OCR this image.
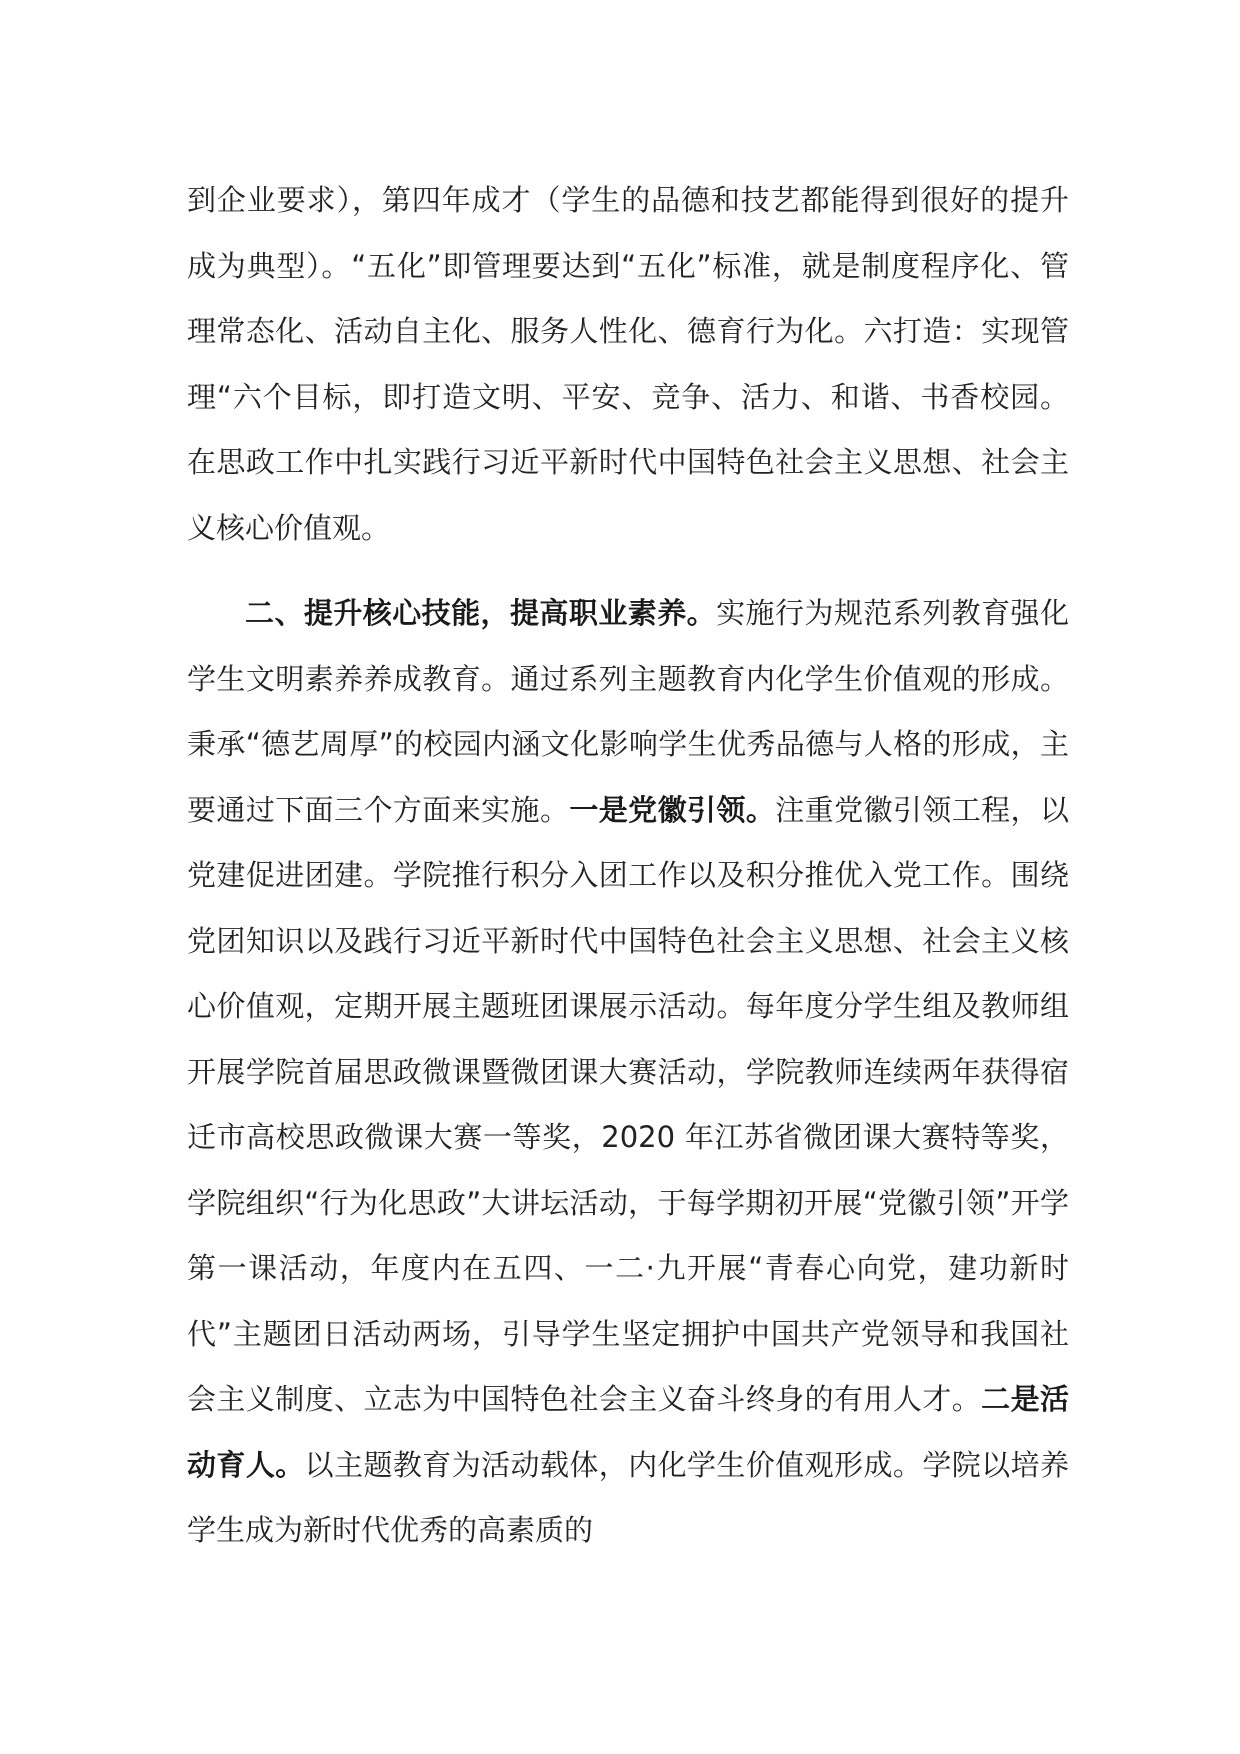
到企业要求），第四年成才（学生的品德和技艺都能得到很好的提升成为典型）。“五化”即管理要达到“五化”标准，就是制度程序化、管理常态化、活动自主化、服务人性化、德育行为化。六打造：实现管理“六个目标，即打造文明、平安、竞争、活力、和谐、书香校园。在思政工作中扎实践行习近平新时代中国特色社会主义思想、社会主义核心价值观。

二、提升核心技能，提高职业素养。实施行为规范系列教育强化学生文明素养养成教育。通过系列主题教育内化学生价值观的形成。秉承“德艺周厚”的校园内涵文化影响学生优秀品德与人格的形成，主要通过下面三个方面来实施。一是党徽引领。注重党徽引领工程，以党建促进团建。学院推行积分入团工作以及积分推优入党工作。围绕党团知识以及践行习近平新时代中国特色社会主义思想、社会主义核心价值观，定期开展主题班团课展示活动。每年度分学生组及教师组开展学院首届思政微课暨微团课大赛活动，学院教师连续两年获得宿迁市高校思政微课大赛一等奖，2020 年江苏省微团课大赛特等奖，学院组织“行为化思政”大讲坛活动，于每学期初开展“党徽引领”开学第一课活动，年度内在五四、一二·九开展“青春心向党，建功新时代”主题团日活动两场，引导学生坚定拥护中国共产党领导和我国社会主义制度、立志为中国特色社会主义奋斗终身的有用人才。二是活动育人。以主题教育为活动载体，内化学生价值观形成。学院以培养学生成为新时代优秀的高素质的
